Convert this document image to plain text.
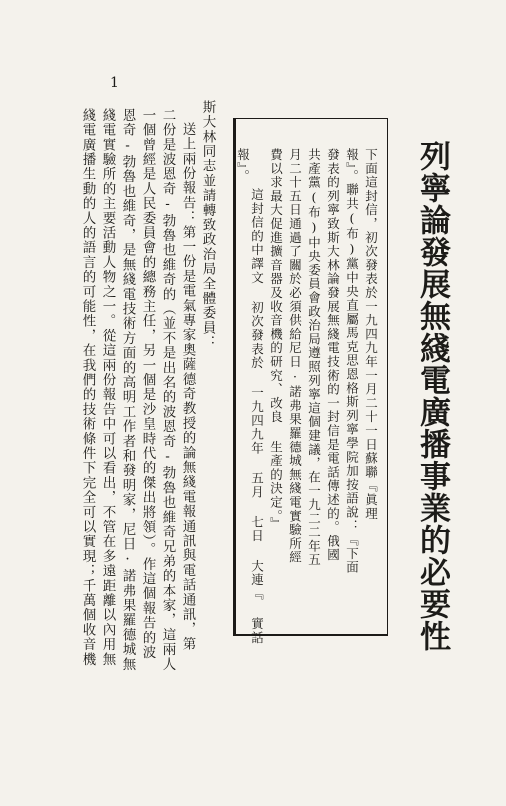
1
列寧論發展無綫電廣播事業的必要性
下面這封信，初次發表於一九四九年一月二十一日蘇聯『眞理
報』。聯共(布)黨中央直屬馬克思恩格斯列寧學院加按語說：『下面
發表的列寧致斯大林論發展無綫電技術的一封信是電話傳述的。俄國
共產黨(布)中央委員會政治局遵照列寧這個建議，在一九二二年五
月二十五日通過了關於必須供給尼日·諾弗果羅德城無綫電實驗所經
費以求最大促進擴音器及收音機的研究、改良 生產的決定。』
這封信的中譯文 初次發表於 一九四九年 五月 七日 大連『 實話
報』。
斯大林同志並請轉致政治局全體委員：
送上兩份報告：第一份是電氣專家奧薩德奇教授的論無綫電報通訊與電話通訊，第
二份是波恩奇-勃魯也維奇的（並不是出名的波恩奇-勃魯也維奇兄弟的本家，這兩人
一個曾經是人民委員會的總務主任，另一個是沙皇時代的傑出將領）。作這個報告的波
恩奇-勃魯也維奇，是無綫電技術方面的高明工作者和發明家，尼日·諾弗果羅德城無
綫電實驗所的主要活動人物之一。從這兩份報告中可以看出，不管在多遠距離以內用無
綫電廣播生動的人的語言的可能性，在我們的技術條件下完全可以實現；千萬個收音機
